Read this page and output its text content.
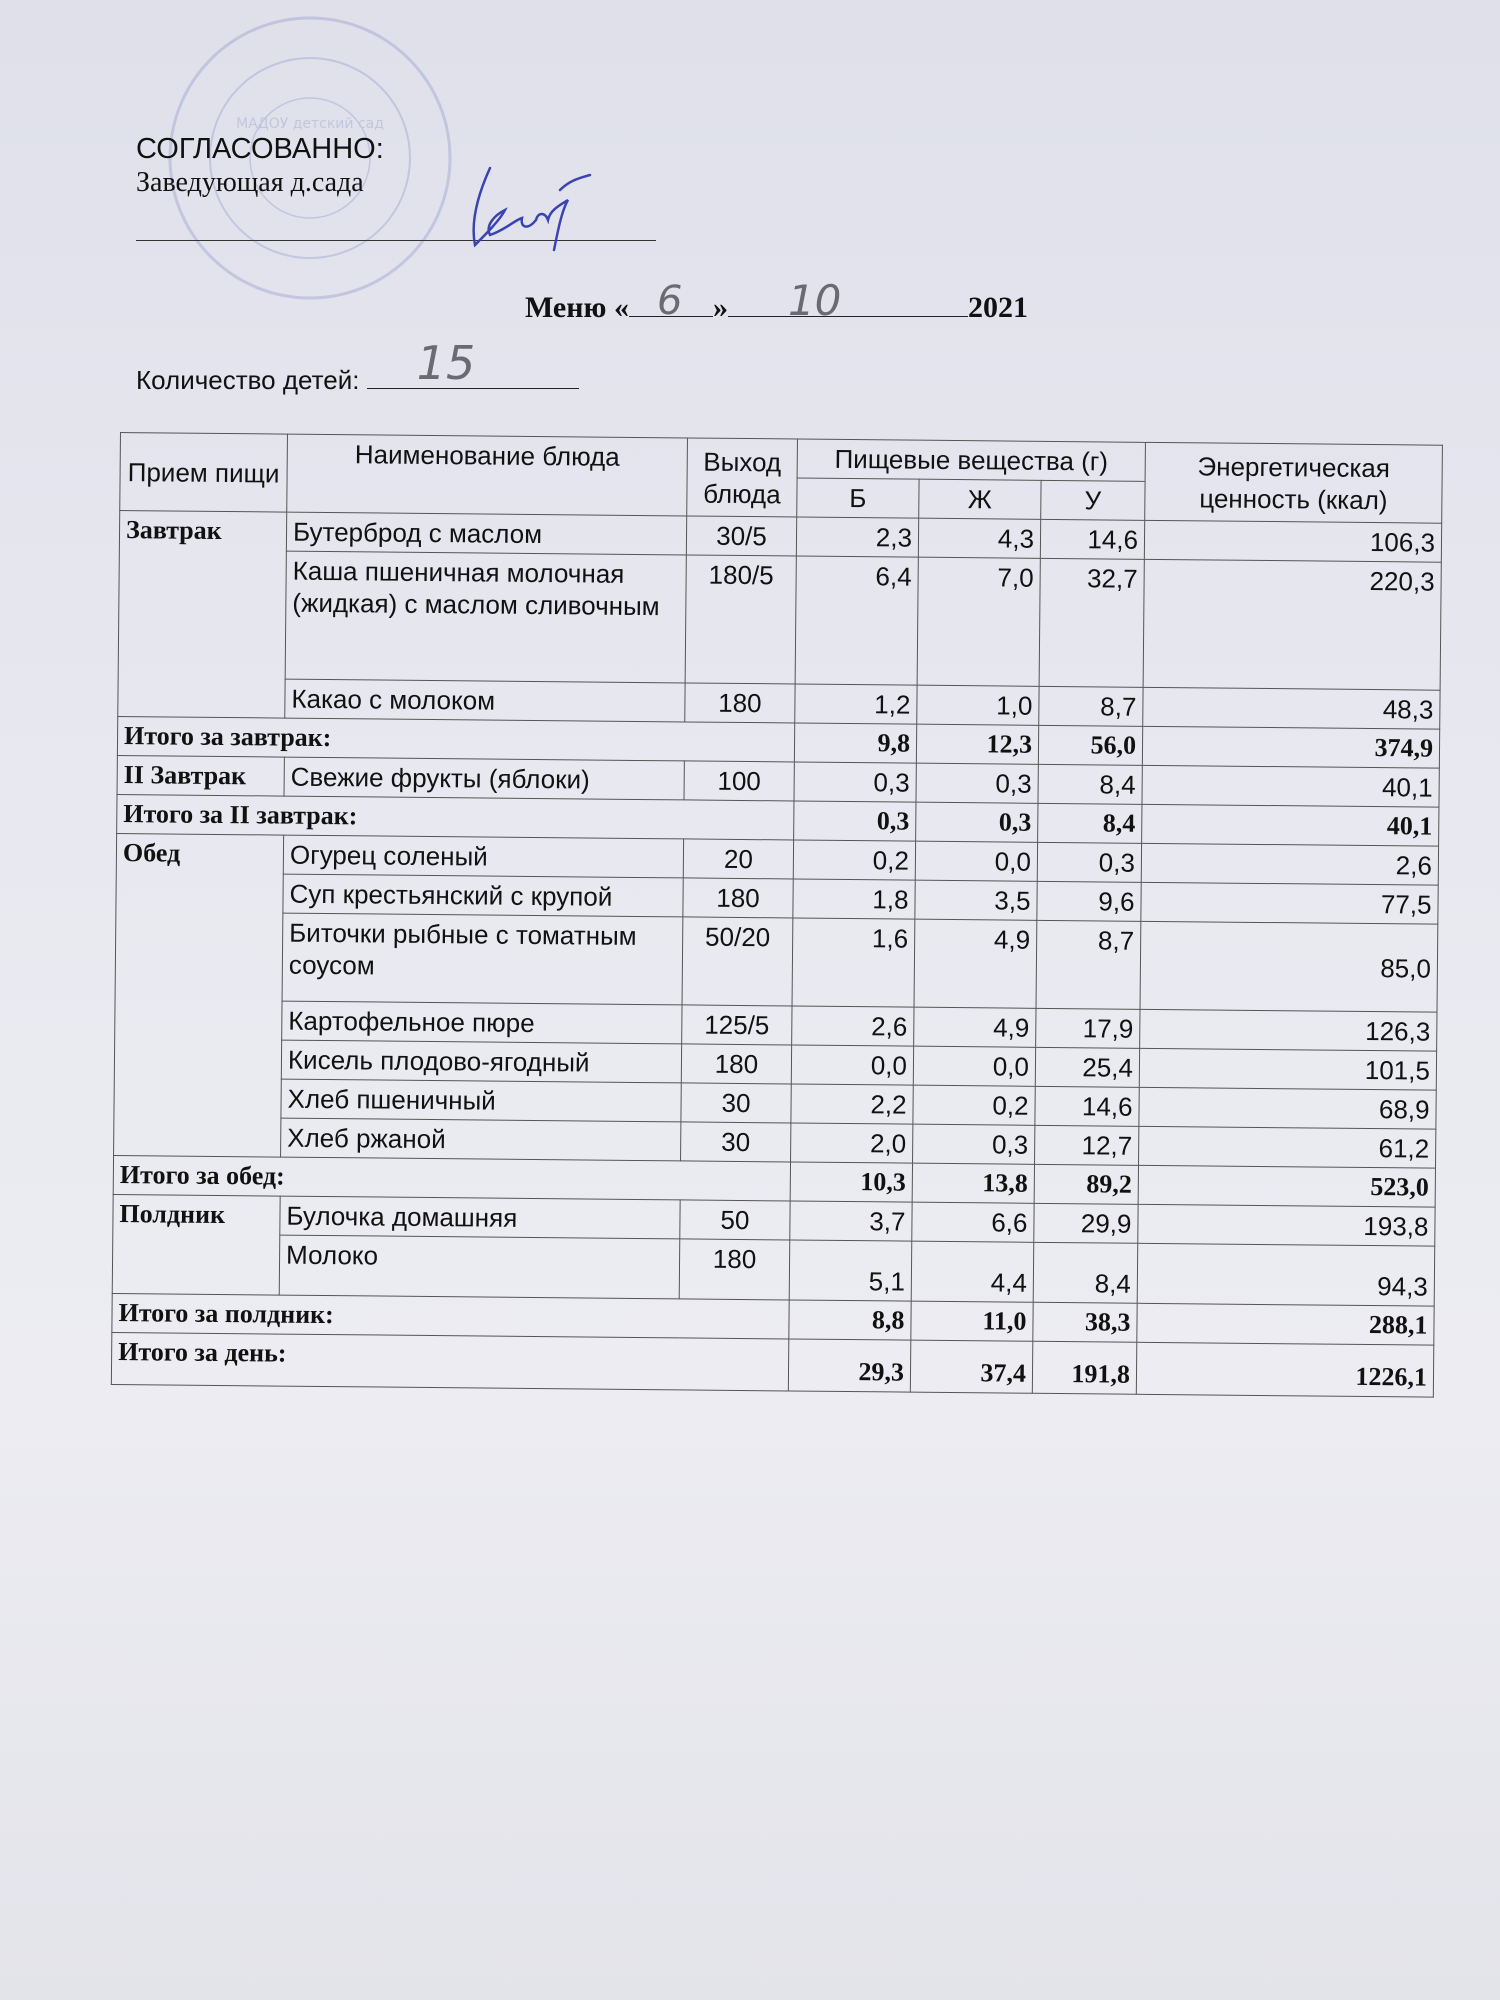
МАДОУ детский сад
СОГЛАСОВАННО:
Заведующая д.сада
Меню « 6 » 10	2021
Количество детей: 15
Прием пищи	Наименование блюда	Выход блюда	Пищевые вещества (г)			Энергетическая ценность (ккал)
			Б	Ж	У	
Завтрак	Бутерброд с маслом	30/5	2,3	4,3	14,6	106,3
	Каша пшеничная молочная (жидкая) с маслом сливочным	180/5	6,4	7,0	32,7	220,3
	Какао с молоком	180	1,2	1,0	8,7	48,3
Итого за завтрак:			9,8	12,3	56,0	374,9
II Завтрак	Свежие фрукты (яблоки)	100	0,3	0,3	8,4	40,1
Итого за II завтрак:			0,3	0,3	8,4	40,1
Обед	Огурец соленый	20	0,2	0,0	0,3	2,6
	Суп крестьянский с крупой	180	1,8	3,5	9,6	77,5
	Биточки рыбные с томатным соусом	50/20	1,6	4,9	8,7	85,0
	Картофельное пюре	125/5	2,6	4,9	17,9	126,3
	Кисель плодово-ягодный	180	0,0	0,0	25,4	101,5
	Хлеб пшеничный	30	2,2	0,2	14,6	68,9
	Хлеб ржаной	30	2,0	0,3	12,7	61,2
Итого за обед:			10,3	13,8	89,2	523,0
Полдник	Булочка домашняя	50	3,7	6,6	29,9	193,8
	Молоко	180	5,1	4,4	8,4	94,3
Итого за полдник:			8,8	11,0	38,3	288,1
Итого за день:			29,3	37,4	191,8	1226,1
